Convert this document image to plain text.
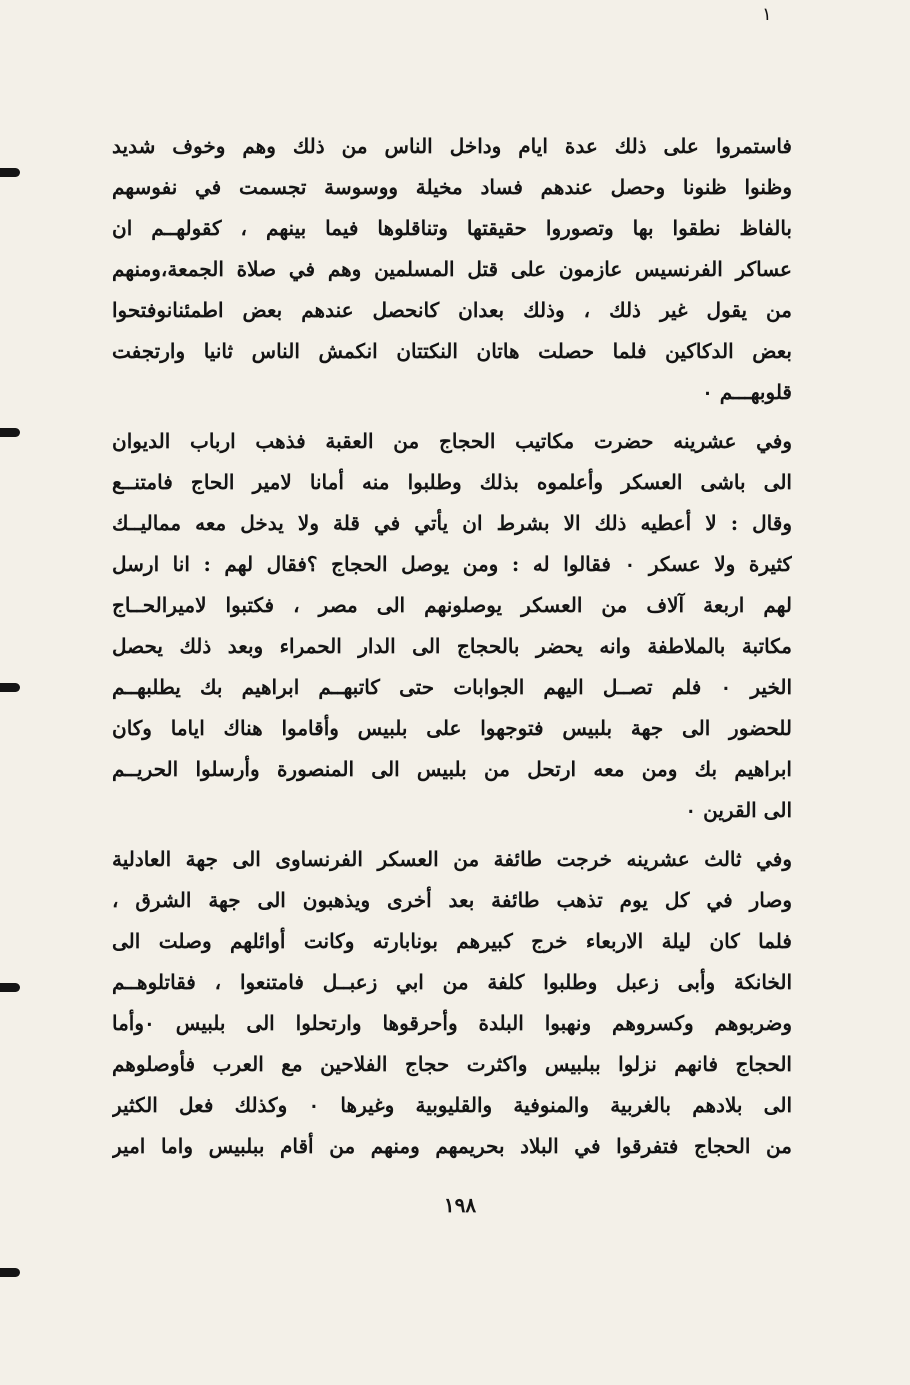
١
فاستمروا على ذلك عدة ايام وداخل الناس من ذلك وهم وخوف شديد
وظنوا ظنونا وحصل عندهم فساد مخيلة ووسوسة تجسمت في نفوسهم
بالفاظ نطقوا بها وتصوروا حقيقتها وتناقلوها فيما بينهم ، كقولهــم ان
عساكر الفرنسيس عازمون على قتل المسلمين وهم في صلاة الجمعة،ومنهم
من يقول غير ذلك ، وذلك بعدان كانحصل عندهم بعض اطمئنانوفتحوا
بعض الدكاكين فلما حصلت هاتان النكتتان انكمش الناس ثانيا وارتجفت
قلوبهـــم ٠
وفي عشرينه حضرت مكاتيب الحجاج من العقبة فذهب ارباب الديوان
الى باشى العسكر وأعلموه بذلك وطلبوا منه أمانا لامير الحاج فامتنــع
وقال : لا أعطيه ذلك الا بشرط ان يأتي في قلة ولا يدخل معه مماليــك
كثيرة ولا عسكر ٠ فقالوا له : ومن يوصل الحجاج ؟فقال لهم : انا ارسل
لهم اربعة آلاف من العسكر يوصلونهم الى مصر ، فكتبوا لاميرالحــاج
مكاتبة بالملاطفة وانه يحضر بالحجاج الى الدار الحمراء وبعد ذلك يحصل
الخير ٠ فلم تصــل اليهم الجوابات حتى كاتبهــم ابراهيم بك يطلبهــم
للحضور الى جهة بلبيس فتوجهوا على بلبيس وأقاموا هناك اياما وكان
ابراهيم بك ومن معه ارتحل من بلبيس الى المنصورة وأرسلوا الحريــم
الى القرين ٠
وفي ثالث عشرينه خرجت طائفة من العسكر الفرنساوى الى جهة العادلية
وصار في كل يوم تذهب طائفة بعد أخرى ويذهبون الى جهة الشرق ،
فلما كان ليلة الاربعاء خرج كبيرهم بونابارته وكانت أوائلهم وصلت الى
الخانكة وأبى زعبل وطلبوا كلفة من ابي زعبــل فامتنعوا ، فقاتلوهــم
وضربوهم وكسروهم ونهبوا البلدة وأحرقوها وارتحلوا الى بلبيس ٠وأما
الحجاج فانهم نزلوا ببلبيس واكثرت حجاج الفلاحين مع العرب فأوصلوهم
الى بلادهم بالغربية والمنوفية والقليوبية وغيرها ٠ وكذلك فعل الكثير
من الحجاج فتفرقوا في البلاد بحريمهم ومنهم من أقام ببلبيس واما امير
١٩٨
